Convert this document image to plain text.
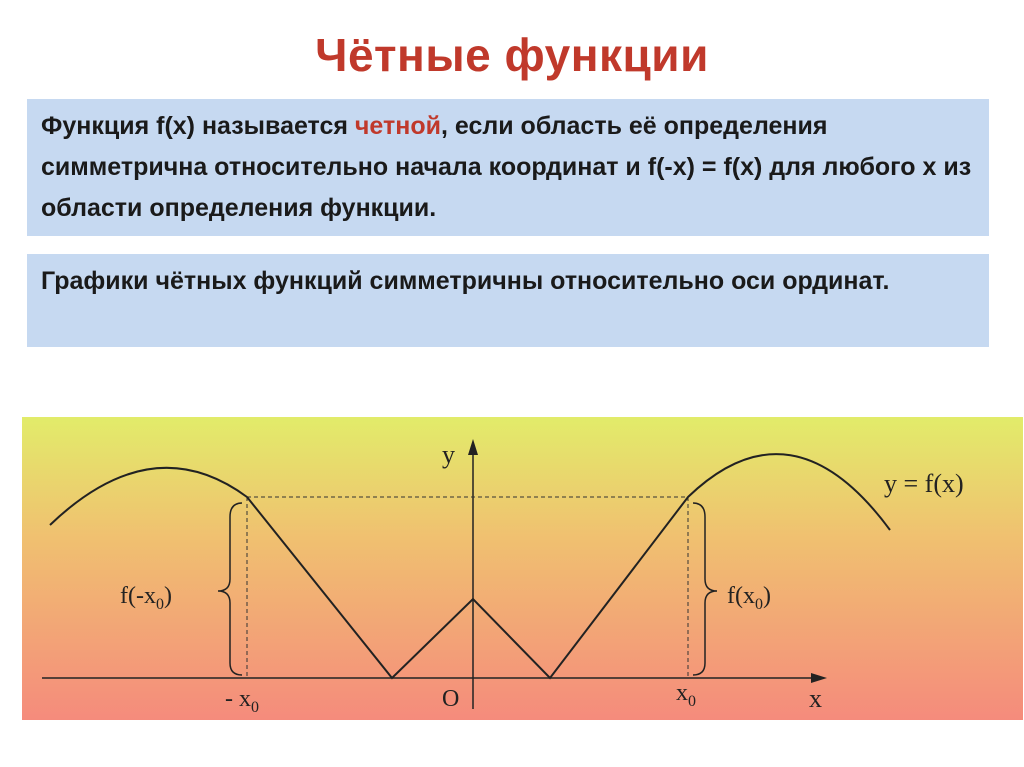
Чётные функции
Функция f(x) называется четной, если область её определения симметрична относительно начала координат и f(-x) = f(x) для любого х из области определения функции.
Графики чётных функций симметричны относительно оси ординат.
y
x
O
y = f(x)
$f(-x_0)$	$f(x_0)$
- $x_0$
$x_0$
